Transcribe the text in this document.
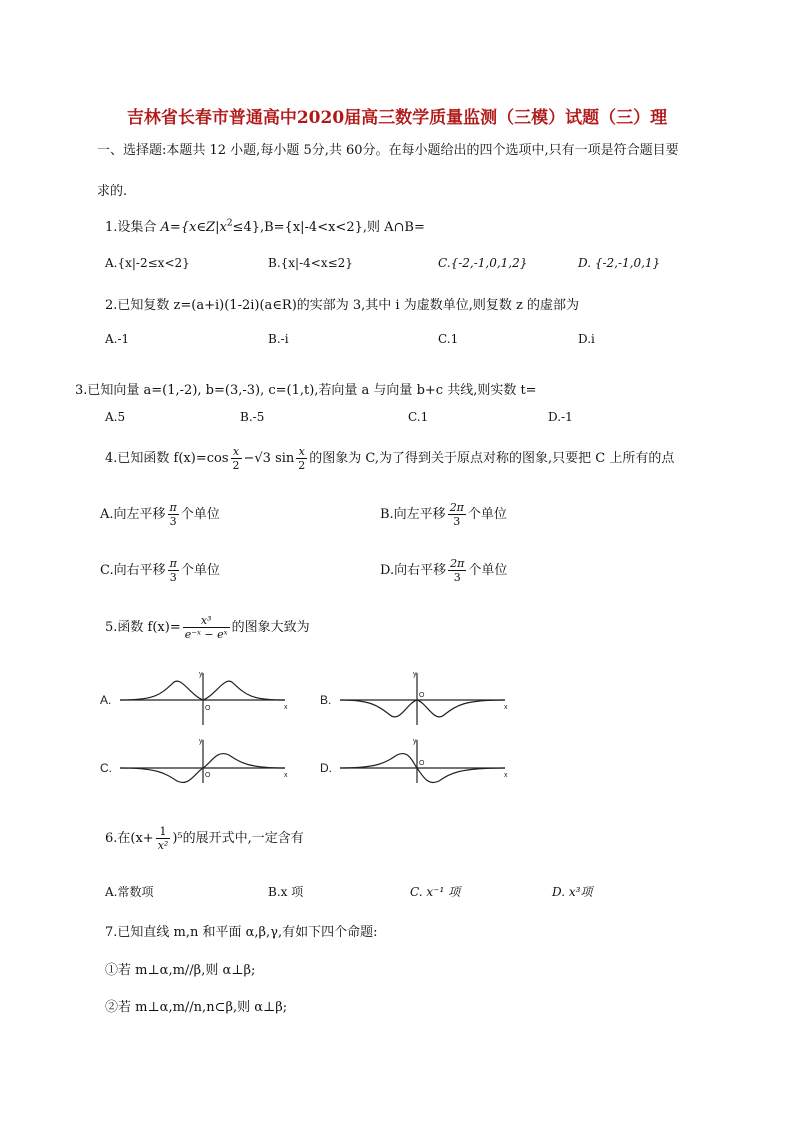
吉林省长春市普通高中2020届高三数学质量监测（三模）试题（三）理
一、选择题:本题共 12 小题,每小题 5分,共 60分。在每小题给出的四个选项中,只有一项是符合题目要
求的.
1.设集合 $A=\{x\in Z|x^2\le 4\},B=\{x|-4<x<2\}$,则 A∩B=
A.{x|-2≤x<2}	B.{x|-4<x≤2}	C.{-2,-1,0,1,2}	D. {-2,-1,0,1}
2.已知复数 z=(a+i)(1-2i)(a∈R)的实部为 3,其中 i 为虚数单位,则复数 z 的虚部为
A.-1	B.-i	C.1	D.i
3.已知向量 a=(1,-2), b=(3,-3), c=(1,t),若向量 a 与向量 b+c 共线,则实数 t=
A.5	B.-5	C.1	D.-1
4.已知函数 $f(x)=\cos \frac{x}{2} -√3$ $\sin \frac{x}{2}$ 的图象为 C,为了得到关于原点对称的图象,只要把 C 上所有的点
A.向左平移 $\frac{\pi}{3}$ 个单位	B.向左平移 $\frac{2\pi}{3}$ 个单位
C.向右平移 $\frac{\pi}{3}$ 个单位	D.向右平移 $\frac{2\pi}{3}$ 个单位
5.函数 $f(x)= \frac{\text{x³}}{\text{e⁻ˣ − eˣ}}$ 的图象大致为
y
x
O
y
x
O
y
x
O
y
x
O
A.	B.
C.	D.
6.在$(x+ \frac{1}{\text{x²}} )^5$的展开式中,一定含有
A.常数项	B.x 项	C. x⁻¹ 项	D. x³项
7.已知直线 m,n 和平面 α,β,γ,有如下四个命题:
①若 m⊥α,m//β,则 α⊥β;
②若 m⊥α,m//n,n⊂β,则 α⊥β;
